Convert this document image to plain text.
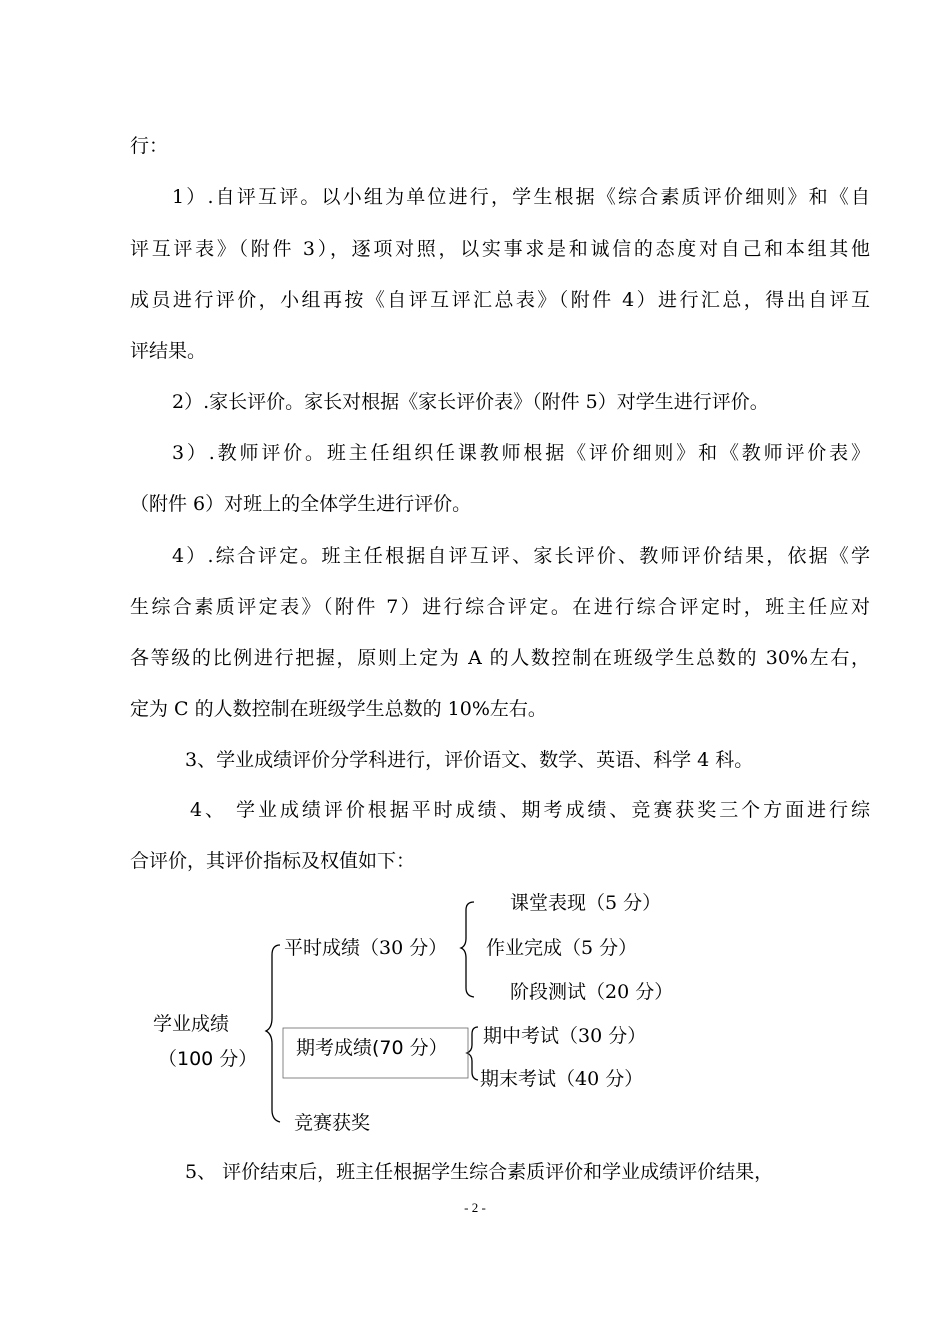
行：
1）.自评互评。以小组为单位进行，学生根据《综合素质评价细则》和《自
评互评表》（附件 3），逐项对照，以实事求是和诚信的态度对自己和本组其他
成员进行评价，小组再按《自评互评汇总表》（附件 4）进行汇总，得出自评互
评结果。
2）.家长评价。家长对根据《家长评价表》（附件 5）对学生进行评价。
3）.教师评价。班主任组织任课教师根据《评价细则》和《教师评价表》
（附件 6）对班上的全体学生进行评价。
4）.综合评定。班主任根据自评互评、家长评价、教师评价结果，依据《学
生综合素质评定表》（附件 7）进行综合评定。在进行综合评定时，班主任应对
各等级的比例进行把握，原则上定为 A 的人数控制在班级学生总数的 30%左右，
定为 C 的人数控制在班级学生总数的 10%左右。
3、学业成绩评价分学科进行，评价语文、数学、英语、科学 4 科。
4、 学业成绩评价根据平时成绩、期考成绩、竞赛获奖三个方面进行综
合评价，其评价指标及权值如下：
学业成绩
（100 分）
平时成绩（30 分）
课堂表现（5 分）
作业完成（5 分）
阶段测试（20 分）
期考成绩(70 分）
期中考试（30 分）
期末考试（40 分）
竞赛获奖
5、 评价结束后，班主任根据学生综合素质评价和学业成绩评价结果，
- 2 -
